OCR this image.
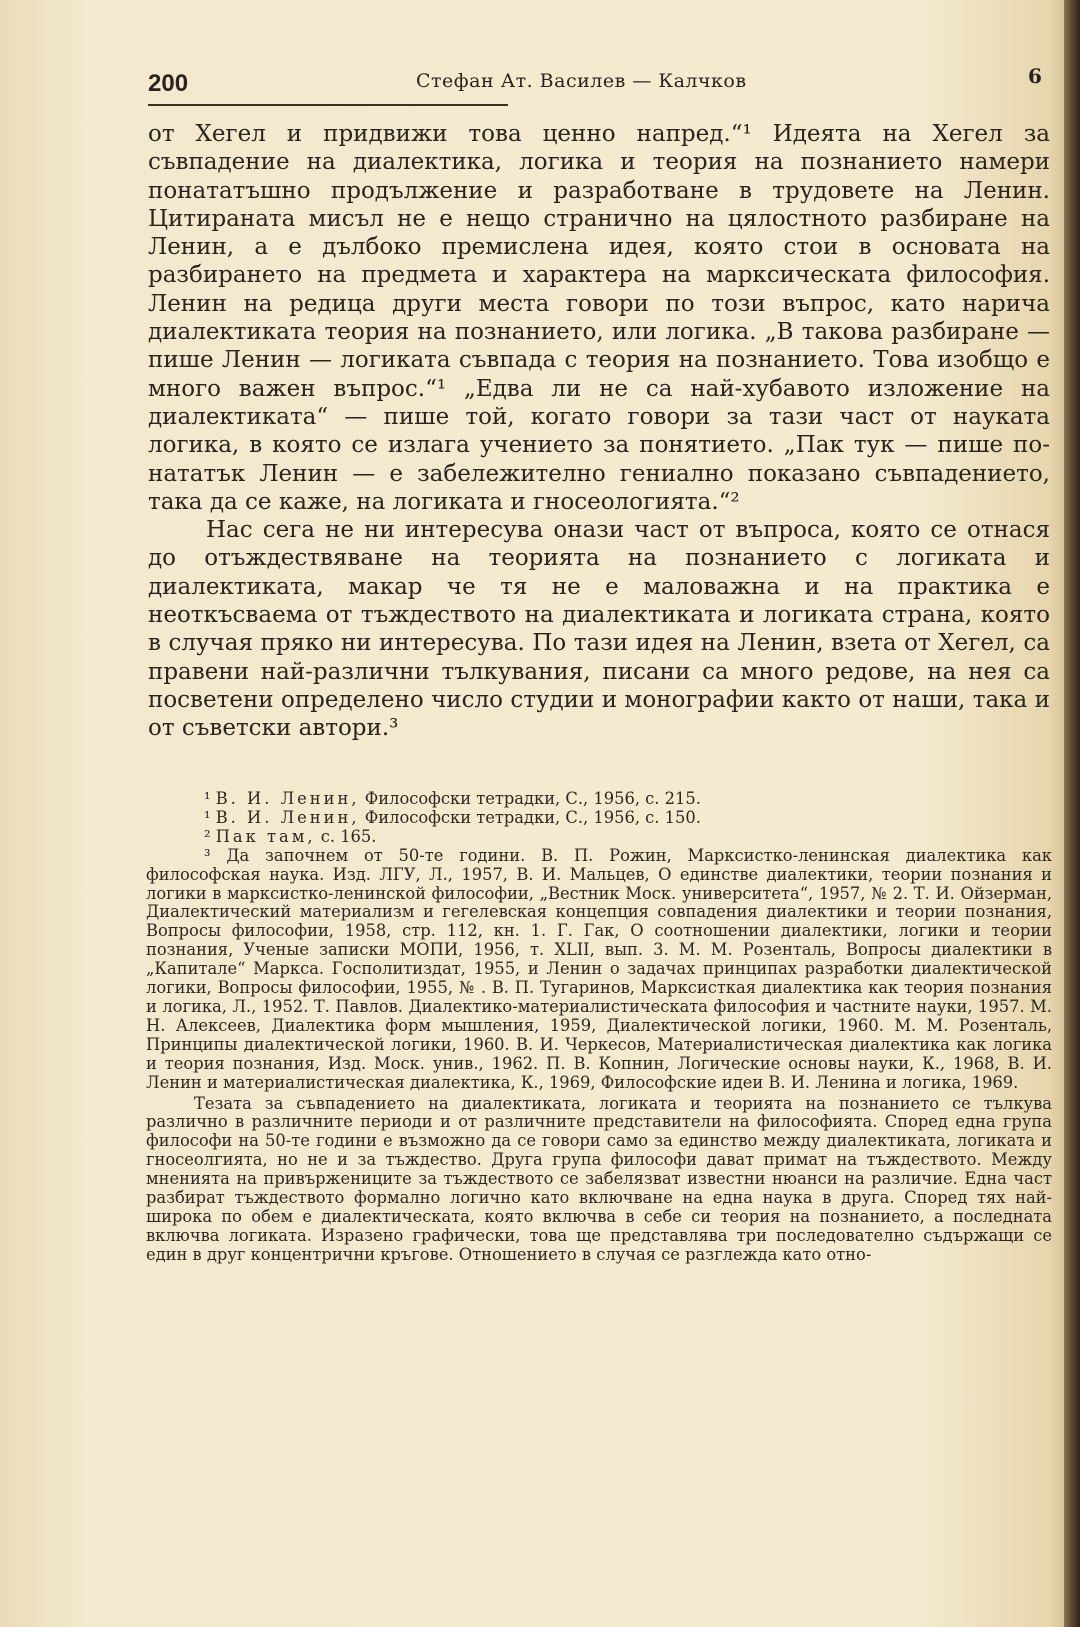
200	Стефан Ат. Василев — Калчков	6

от Хегел и придвижи това ценно напред.“¹ Идеята на Хегел за съвпадение на диалектика, логика и теория на познанието намери понататъшно продължение и разработване в трудовете на Ленин. Цитираната мисъл не е нещо странично на цялостното разбиране на Ленин, а е дълбоко премислена идея, която стои в основата на разбирането на предмета и характера на марксическата философия. Ленин на редица други места говори по този въпрос, като нарича диалектиката теория на познанието, или логика. „В такова разбиране — пише Ленин — логиката съвпада с теория на познанието. Това изобщо е много важен въпрос.“¹ „Едва ли не са най-хубавото изложение на диалектиката“ — пише той, когато говори за тази част от науката логика, в която се излага учението за понятието. „Пак тук — пише по-нататък Ленин — е забележително гениално показано съвпадението, така да се каже, на логиката и гносеологията.“²

Нас сега не ни интересува онази част от въпроса, която се отнася до отъждествяване на теорията на познанието с логиката и диалектиката, макар че тя не е маловажна и на практика е неоткъсваема от тъждеството на диалектиката и логиката страна, която в случая пряко ни интересува. По тази идея на Ленин, взета от Хегел, са правени най-различни тълкувания, писани са много редове, на нея са посветени определено число студии и монографии както от наши, така и от съветски автори.³

¹ В. И. Ленин, Философски тетрадки, С., 1956, с. 215.

¹ В. И. Ленин, Философски тетрадки, С., 1956, с. 150.

² Пак там, с. 165.

³ Да започнем от 50-те години. В. П. Рожин, Марксистко-ленинская диалектика как философская наука. Изд. ЛГУ, Л., 1957, В. И. Мальцев, О единстве диалектики, теории познания и логики в марксистко-ленинской философии, „Вестник Моск. университета“, 1957, № 2. Т. И. Ойзерман, Диалектический материализм и гегелевская концепция совпадения диалектики и теории познания, Вопросы философии, 1958, стр. 112, кн. 1. Г. Гак, О соотношении диалектики, логики и теории познания, Ученые записки МОПИ, 1956, т. XLII, вып. 3. М. М. Розенталь, Вопросы диалектики в „Капитале“ Маркса. Госполитиздат, 1955, и Ленин о задачах принципах разработки диалектической логики, Вопросы философии, 1955, № . В. П. Тугаринов, Марксисткая диалектика как теория познания и логика, Л., 1952. Т. Павлов. Диалектико-материалистическата философия и частните науки, 1957. М. Н. Алексеев, Диалектика форм мышления, 1959, Диалектической логики, 1960. М. М. Розенталь, Принципы диалектической логики, 1960. В. И. Черкесов, Материалистическая диалектика как логика и теория познания, Изд. Моск. унив., 1962. П. В. Копнин, Логические основы науки, К., 1968, В. И. Ленин и материалистическая диалектика, К., 1969, Философские идеи В. И. Ленина и логика, 1969.

Тезата за съвпадението на диалектиката, логиката и теорията на познанието се тълкува различно в различните периоди и от различните представители на философията. Според една група философи на 50-те години е възможно да се говори само за единство между диалектиката, логиката и гносеолгията, но не и за тъждество. Друга група философи дават примат на тъждеството. Между мненията на привържениците за тъждеството се забелязват известни нюанси на различие. Една част разбират тъждеството формално логично като включване на една наука в друга. Според тях най-широка по обем е диалектическата, която включва в себе си теория на познанието, а последната включва логиката. Изразено графически, това ще представлява три последователно съдържащи се един в друг концентрични кръгове. Отношението в случая се разглежда като отно-
